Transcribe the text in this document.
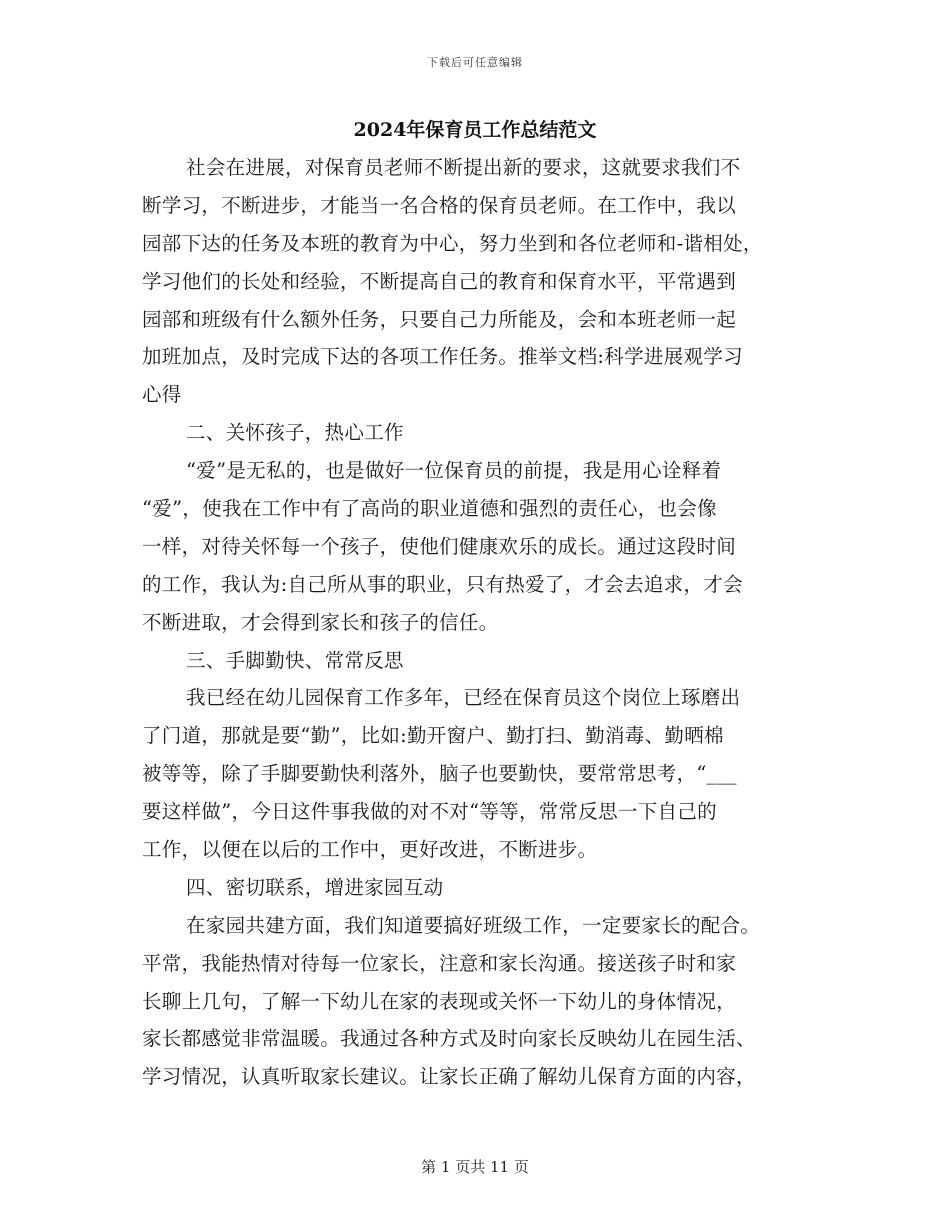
下载后可任意编辑
2024年保育员工作总结范文
社会在进展，对保育员老师不断提出新的要求，这就要求我们不
断学习，不断进步，才能当一名合格的保育员老师。在工作中，我以
园部下达的任务及本班的教育为中心，努力坐到和各位老师和-谐相处，
学习他们的长处和经验，不断提高自己的教育和保育水平，平常遇到
园部和班级有什么额外任务，只要自己力所能及，会和本班老师一起
加班加点，及时完成下达的各项工作任务。推举文档:科学进展观学习
心得
二、关怀孩子，热心工作
“爱”是无私的，也是做好一位保育员的前提，我是用心诠释着
“爱”，使我在工作中有了高尚的职业道德和强烈的责任心，也会像
一样，对待关怀每一个孩子，使他们健康欢乐的成长。通过这段时间
的工作，我认为:自己所从事的职业，只有热爱了，才会去追求，才会
不断进取，才会得到家长和孩子的信任。
三、手脚勤快、常常反思
我已经在幼儿园保育工作多年，已经在保育员这个岗位上琢磨出
了门道，那就是要“勤”，比如:勤开窗户、勤打扫、勤消毒、勤晒棉
被等等，除了手脚要勤快利落外，脑子也要勤快，要常常思考，“___
要这样做”，今日这件事我做的对不对“等等，常常反思一下自己的
工作，以便在以后的工作中，更好改进，不断进步。
四、密切联系，增进家园互动
在家园共建方面，我们知道要搞好班级工作，一定要家长的配合。
平常，我能热情对待每一位家长，注意和家长沟通。接送孩子时和家
长聊上几句，了解一下幼儿在家的表现或关怀一下幼儿的身体情况，
家长都感觉非常温暖。我通过各种方式及时向家长反映幼儿在园生活、
学习情况，认真听取家长建议。让家长正确了解幼儿保育方面的内容，
第 1 页共 11 页
